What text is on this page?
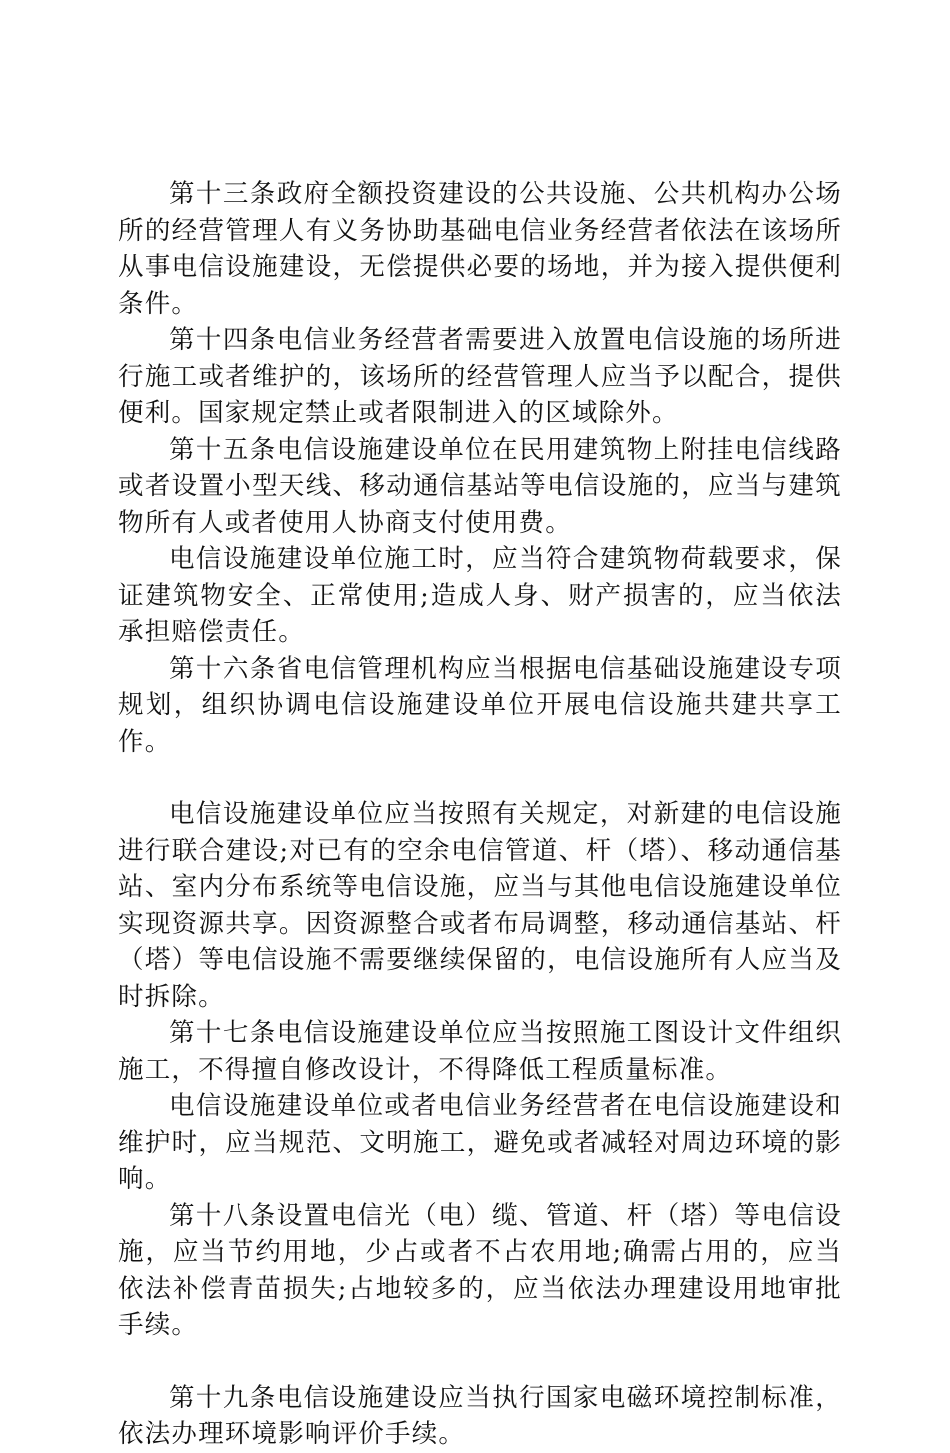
第十三条政府全额投资建设的公共设施、公共机构办公场所的经营管理人有义务协助基础电信业务经营者依法在该场所从事电信设施建设，无偿提供必要的场地，并为接入提供便利条件。

第十四条电信业务经营者需要进入放置电信设施的场所进行施工或者维护的，该场所的经营管理人应当予以配合，提供便利。国家规定禁止或者限制进入的区域除外。

第十五条电信设施建设单位在民用建筑物上附挂电信线路或者设置小型天线、移动通信基站等电信设施的，应当与建筑物所有人或者使用人协商支付使用费。

电信设施建设单位施工时，应当符合建筑物荷载要求，保证建筑物安全、正常使用;造成人身、财产损害的，应当依法承担赔偿责任。

第十六条省电信管理机构应当根据电信基础设施建设专项规划，组织协调电信设施建设单位开展电信设施共建共享工作。

电信设施建设单位应当按照有关规定，对新建的电信设施进行联合建设;对已有的空余电信管道、杆（塔）、移动通信基站、室内分布系统等电信设施，应当与其他电信设施建设单位实现资源共享。因资源整合或者布局调整，移动通信基站、杆（塔）等电信设施不需要继续保留的，电信设施所有人应当及时拆除。

第十七条电信设施建设单位应当按照施工图设计文件组织施工，不得擅自修改设计，不得降低工程质量标准。

电信设施建设单位或者电信业务经营者在电信设施建设和维护时，应当规范、文明施工，避免或者减轻对周边环境的影响。

第十八条设置电信光（电）缆、管道、杆（塔）等电信设施，应当节约用地，少占或者不占农用地;确需占用的，应当依法补偿青苗损失;占地较多的，应当依法办理建设用地审批手续。

第十九条电信设施建设应当执行国家电磁环境控制标准，依法办理环境影响评价手续。
